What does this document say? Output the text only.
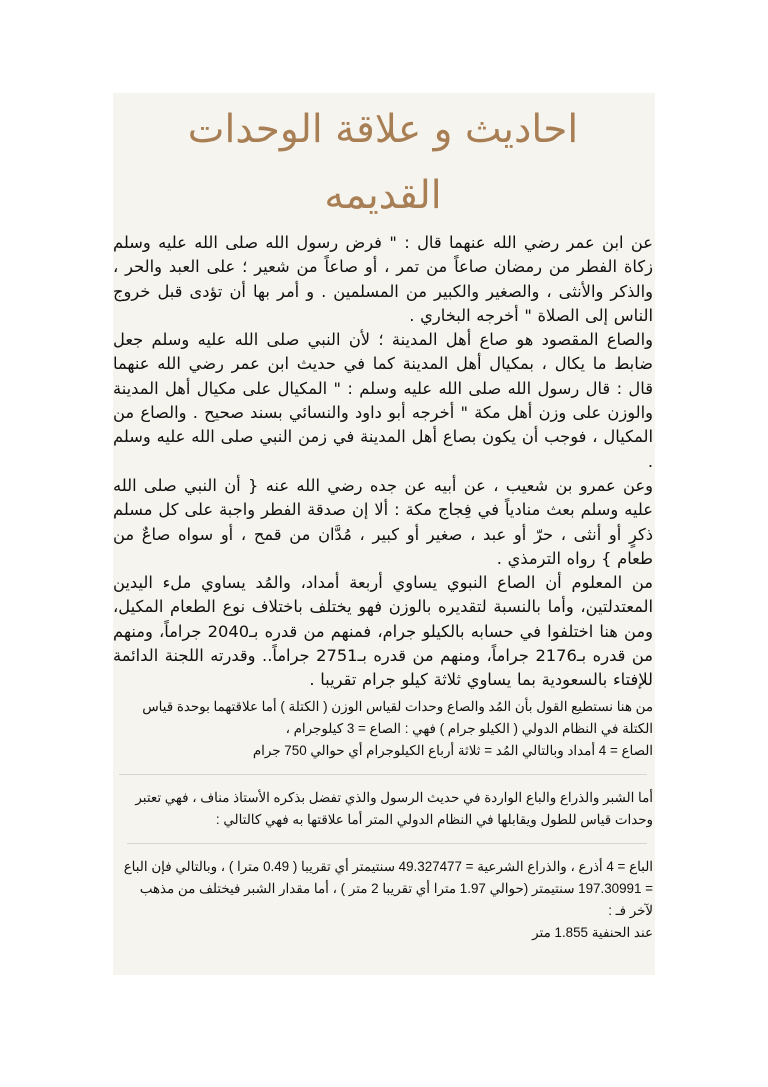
احاديث و علاقة الوحدات القديمه

عن ابن عمر رضي الله عنهما قال : " فرض رسول الله صلى الله عليه وسلم زكاة الفطر من رمضان صاعاً من تمر ، أو صاعاً من شعير ؛ على العبد والحر ، والذكر والأنثى ، والصغير والكبير من المسلمين . و أمر بها أن تؤدى قبل خروج الناس إلى الصلاة " أخرجه البخاري .

والصاع المقصود هو صاع أهل المدينة ؛ لأن النبي صلى الله عليه وسلم جعل ضابط ما يكال ، بمكيال أهل المدينة كما في حديث ابن عمر رضي الله عنهما قال : قال رسول الله صلى الله عليه وسلم : " المكيال على مكيال أهل المدينة والوزن على وزن أهل مكة " أخرجه أبو داود والنسائي بسند صحيح . والصاع من المكيال ، فوجب أن يكون بصاع أهل المدينة في زمن النبي صلى الله عليه وسلم .

وعن عمرو بن شعيب ، عن أبيه عن جده رضي الله عنه { أن النبي صلى الله عليه وسلم بعث منادياً في فِجاج مكة : ألا إن صدقة الفطر واجبة على كل مسلم ذكرٍ أو أنثى ، حرّ أو عبد ، صغير أو كبير ، مُدَّان من قمح ، أو سواه صاعٌ من طعام } رواه الترمذي .

من المعلوم أن الصاع النبوي يساوي أربعة أمداد، والمُد يساوي ملء اليدين المعتدلتين، وأما بالنسبة لتقديره بالوزن فهو يختلف باختلاف نوع الطعام المكيل، ومن هنا اختلفوا في حسابه بالكيلو جرام، فمنهم من قدره بـ2040 جراماً، ومنهم من قدره بـ2176 جراماً، ومنهم من قدره بـ2751 جراماً.. وقدرته اللجنة الدائمة للإفتاء بالسعودية بما يساوي ثلاثة كيلو جرام تقريبا .

من هنا نستطيع القول بأن المُد والصاع وحدات لقياس الوزن ( الكتلة ) أما علاقتهما بوحدة قياس الكتلة في النظام الدولي ( الكيلو جرام ) فهي : الصاع = 3 كيلوجرام ،

الصاع = 4 أمداد وبالتالي المُد = ثلاثة أرباع الكيلوجرام أي حوالي 750 جرام

أما الشبر والذراع والباع الواردة في حديث الرسول والذي تفضل بذكره الأستاذ مناف ، فهي تعتبر وحدات قياس للطول ويقابلها في النظام الدولي المتر أما علاقتها به فهي كالتالي :

الباع = 4 أذرع ، والذراع الشرعية = 49.327477 سنتيمتر أي تقريبا ( 0.49 مترا ) ، وبالتالي فإن الباع = 197.30991 سنتيمتر (حوالي 1.97 مترا أي تقريبا 2 متر ) ، أما مقدار الشبر فيختلف من مذهب لآخر فـ :

عند الحنفية 1.855 متر
